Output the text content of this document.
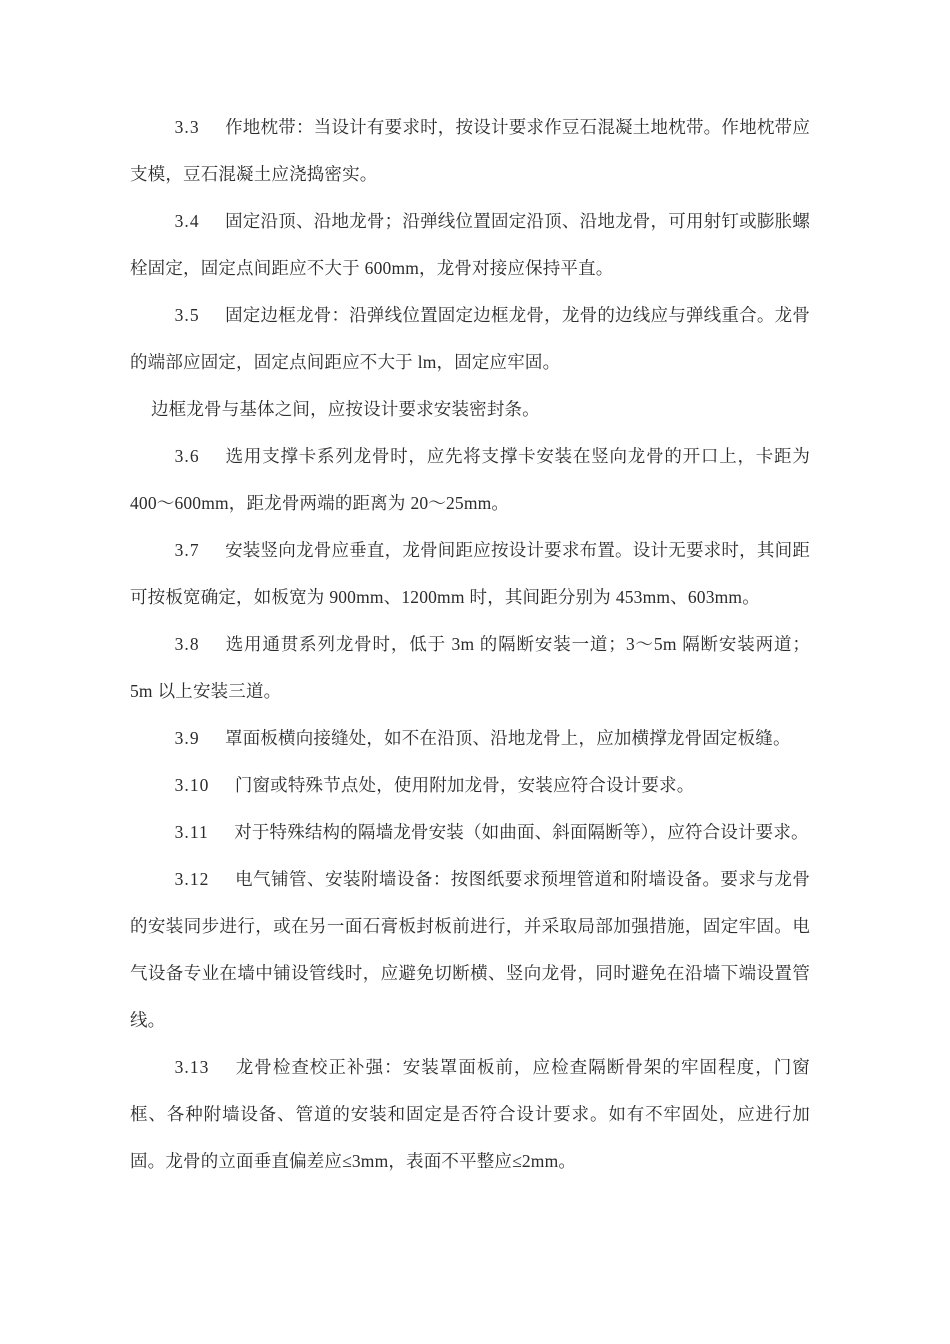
3.3 作地枕带：当设计有要求时，按设计要求作豆石混凝土地枕带。作地枕带应支模，豆石混凝土应浇捣密实。

3.4 固定沿顶、沿地龙骨；沿弹线位置固定沿顶、沿地龙骨，可用射钉或膨胀螺栓固定，固定点间距应不大于 600mm，龙骨对接应保持平直。

3.5 固定边框龙骨：沿弹线位置固定边框龙骨，龙骨的边线应与弹线重合。龙骨的端部应固定，固定点间距应不大于 lm，固定应牢固。

边框龙骨与基体之间，应按设计要求安装密封条。

3.6 选用支撑卡系列龙骨时，应先将支撑卡安装在竖向龙骨的开口上，卡距为 400～600mm，距龙骨两端的距离为 20～25mm。

3.7 安装竖向龙骨应垂直，龙骨间距应按设计要求布置。设计无要求时，其间距可按板宽确定，如板宽为 900mm、1200mm 时，其间距分别为 453mm、603mm。

3.8 选用通贯系列龙骨时，低于 3m 的隔断安装一道；3～5m 隔断安装两道；5m 以上安装三道。

3.9 罩面板横向接缝处，如不在沿顶、沿地龙骨上，应加横撑龙骨固定板缝。

3.10 门窗或特殊节点处，使用附加龙骨，安装应符合设计要求。

3.11 对于特殊结构的隔墙龙骨安装（如曲面、斜面隔断等），应符合设计要求。

3.12 电气铺管、安装附墙设备：按图纸要求预埋管道和附墙设备。要求与龙骨的安装同步进行，或在另一面石膏板封板前进行，并采取局部加强措施，固定牢固。电气设备专业在墙中铺设管线时，应避免切断横、竖向龙骨，同时避免在沿墙下端设置管线。

3.13 龙骨检查校正补强：安装罩面板前，应检查隔断骨架的牢固程度，门窗框、各种附墙设备、管道的安装和固定是否符合设计要求。如有不牢固处，应进行加固。龙骨的立面垂直偏差应≤3mm，表面不平整应≤2mm。
